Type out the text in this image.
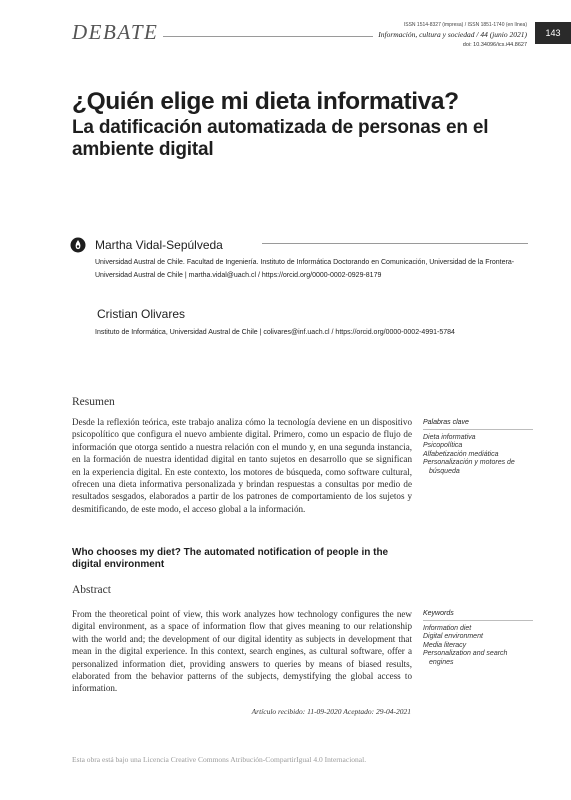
DEBATE	ISSN 1514-8327 (impresa) / ISSN 1851-1740 (en línea)
Información, cultura y sociedad / 44 (junio 2021)
doi: 10.34096/ics.i44.8627
143
¿Quién elige mi dieta informativa?
La datificación automatizada de personas en el ambiente digital
Martha Vidal-Sepúlveda
Universidad Austral de Chile. Facultad de Ingeniería. Instituto de Informática Doctorando en Comunicación, Universidad de la Frontera- Universidad Austral de Chile | martha.vidal@uach.cl / https://orcid.org/0000-0002-0929-8179
Cristian Olivares
Instituto de Informática, Universidad Austral de Chile | colivares@inf.uach.cl / https://orcid.org/0000-0002-4991-5784
Resumen

Desde la reflexión teórica, este trabajo analiza cómo la tecnología deviene en un dispositivo psicopolítico que configura el nuevo ambiente digital. Primero, como un espacio de flujo de información que otorga sentido a nuestra relación con el mundo y, en una segunda instancia, en la formación de nuestra identidad digital en tanto sujetos en desarrollo que se significan en la experiencia digital. En este contexto, los motores de búsqueda, como software cultural, ofrecen una dieta informativa personalizada y brindan respuestas a consultas por medio de resultados sesgados, elaborados a partir de los patrones de comportamiento de los sujetos y desmitificando, de este modo, el acceso global a la información.

Palabras clave
Dieta informativa
Psicopolítica
Alfabetización mediática
Personalización y motores de búsqueda
Who chooses my diet? The automated notification of people in the digital environment
Abstract

From the theoretical point of view, this work analyzes how technology configures the new digital environment, as a space of information flow that gives meaning to our relationship with the world and; the development of our digital identity as subjects in development that mean in the digital experience. In this context, search engines, as cultural software, offer a personalized information diet, providing answers to queries by means of biased results, elaborated from the behavior patterns of the subjects, demystifying the global access to information.

Keywords
Information diet
Digital environment
Media literacy
Personalization and search engines
Artículo recibido: 11-09-2020 Aceptado: 29-04-2021
Esta obra está bajo una Licencia Creative Commons Atribución-CompartirIgual 4.0 Internacional.
